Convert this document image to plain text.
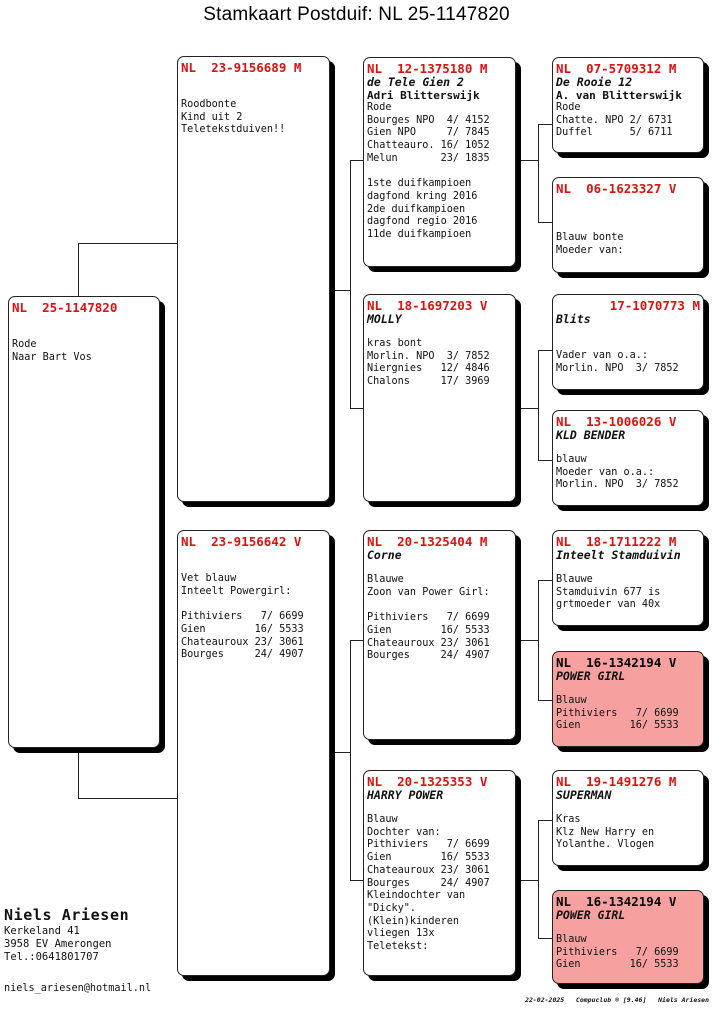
Stamkaart Postduif: NL 25-1147820
NL  25-1147820
Rode
Naar Bart Vos
NL  23-9156689 M
Roodbonte
Kind uit 2
Teletekstduiven!!
NL  23-9156642 V
Vet blauw
Inteelt Powergirl:

Pithiviers   7/ 6699
Gien        16/ 5533
Chateauroux 23/ 3061
Bourges     24/ 4907
NL  12-1375180 M
de Tele Gien 2
Adri Blitterswijk
Rode
Bourges NPO  4/ 4152
Gien NPO     7/ 7845
Chatteauro. 16/ 1052
Melun       23/ 1835

1ste duifkampioen
dagfond kring 2016
2de duifkampioen
dagfond regio 2016
11de duifkampioen
NL  18-1697203 V
MOLLY
kras bont
Morlin. NPO  3/ 7852
Niergnies   12/ 4846
Chalons     17/ 3969
NL  20-1325404 M
Corne
Blauwe
Zoon van Power Girl:

Pithiviers   7/ 6699
Gien        16/ 5533
Chateauroux 23/ 3061
Bourges     24/ 4907
NL  20-1325353 V
HARRY POWER
Blauw
Dochter van:
Pithiviers   7/ 6699
Gien        16/ 5533
Chateauroux 23/ 3061
Bourges     24/ 4907
Kleindochter van
"Dicky".
(Klein)kinderen
vliegen 13x
Teletekst:
NL  07-5709312 M
De Rooie 12
A. van Blitterswijk
Rode
Chatte. NPO 2/ 6731
Duffel      5/ 6711
NL  06-1623327 V
Blauw bonte
Moeder van:
17-1070773 M
Blits
Vader van o.a.:
Morlin. NPO  3/ 7852
NL  13-1006026 V
KLD BENDER
blauw
Moeder van o.a.:
Morlin. NPO  3/ 7852
NL  18-1711222 M
Inteelt Stamduivin
Blauwe
Stamduivin 677 is
grtmoeder van 40x
NL  16-1342194 V
POWER GIRL
Blauw
Pithiviers   7/ 6699
Gien        16/ 5533
NL  19-1491276 M
SUPERMAN
Kras
Klz New Harry en
Yolanthe. Vlogen
NL  16-1342194 V
POWER GIRL
Blauw
Pithiviers   7/ 6699
Gien        16/ 5533
Niels Ariesen
Kerkeland 41
3958 EV Amerongen
Tel.:0641801707
niels_ariesen@hotmail.nl
22-02-2025   Compuclub ® [9.46]   Niels Ariesen
